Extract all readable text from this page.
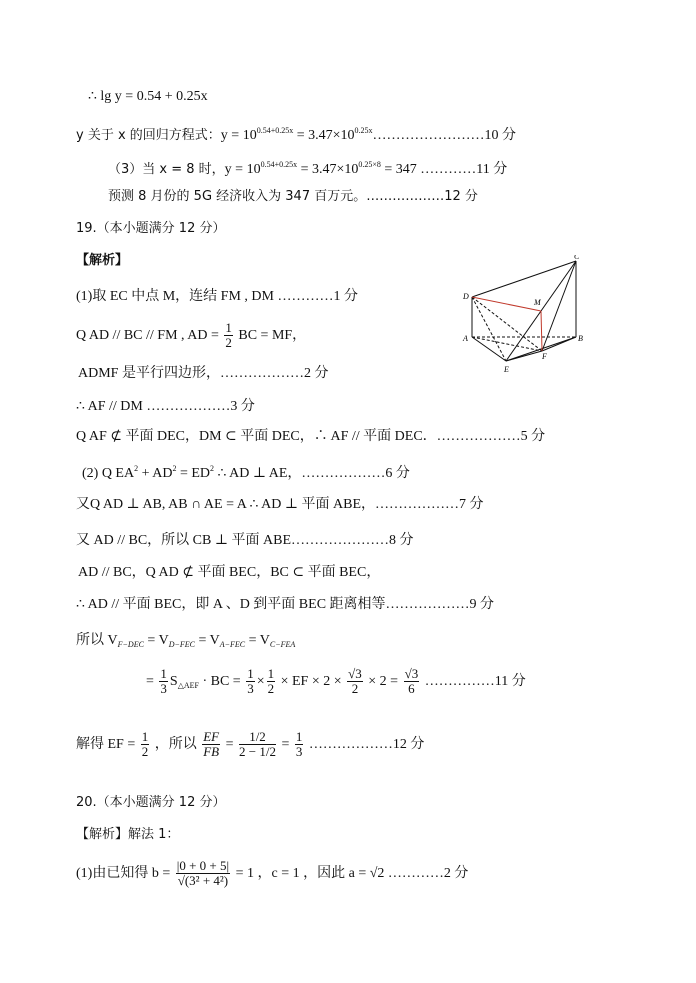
∴ lg y = 0.54 + 0.25x
y 关于 x 的回归方程式：$y = 10^{0.54+0.25x}$ = $3.47\times 10^{0.25x}\dots\dots\dots\dots\dots\dots\dots\dots 10$ 分
（3）当 x = 8 时，$y = 10^{0.54+0.25x} = 3.47\times 10^{0.25\times 8} = 347$ …………11 分
预测 8 月份的 5G 经济收入为 347 百万元。………………12 分
19.（本小题满分 12 分）
【解析】
(1)取 EC 中点 M，连结 FM , DM …………1 分
Q AD // BC // FM , AD = $\frac{1}{2}$ BC = MF，
ADMF 是平行四边形，………………2 分
∴ AF // DM ………………3 分
Q AF ⊄ 平面 DEC，DM ⊂ 平面 DEC，∴ AF // 平面 DEC．………………5 分
(2) Q $EA^2 + AD^2 = ED^2$ ∴ AD ⊥ AE，………………6 分
又Q AD ⊥ AB, AB ∩ AE = A ∴ AD ⊥ 平面 ABE，………………7 分
又 AD // BC，所以 CB ⊥ 平面 ABE…………………8 分
AD // BC，Q AD ⊄ 平面 BEC，BC ⊂ 平面 BEC，
∴ AD // 平面 BEC，即 A 、D 到平面 BEC 距离相等………………9 分
所以 $V_{F-DEC} = V_{D-FEC} = V_{A-FEC} = V_{C-FEA}$
= $\frac{1}{3} S_{\triangle AEF}$ · BC = $\frac{1}{3} \times \frac{1}{2}$ × EF × $2 \times \frac{√3}{2} \times 2 = \frac{√3}{6}$ ……………11 分
解得 EF = $\frac{1}{2}$ ，所以 $\frac{EF}{FB} = \frac{1/2}{2 - 1/2} = \frac{1}{3}$ ………………12 分
20.（本小题满分 12 分）
【解析】解法 1：
(1)由已知得 $b = \frac{|0 + 0 + 5|}{\text{√(3² + 4²)}} = 1$ ，c = 1 ，因此 a = √2 …………2 分
C
D
M
A	B
E
F
